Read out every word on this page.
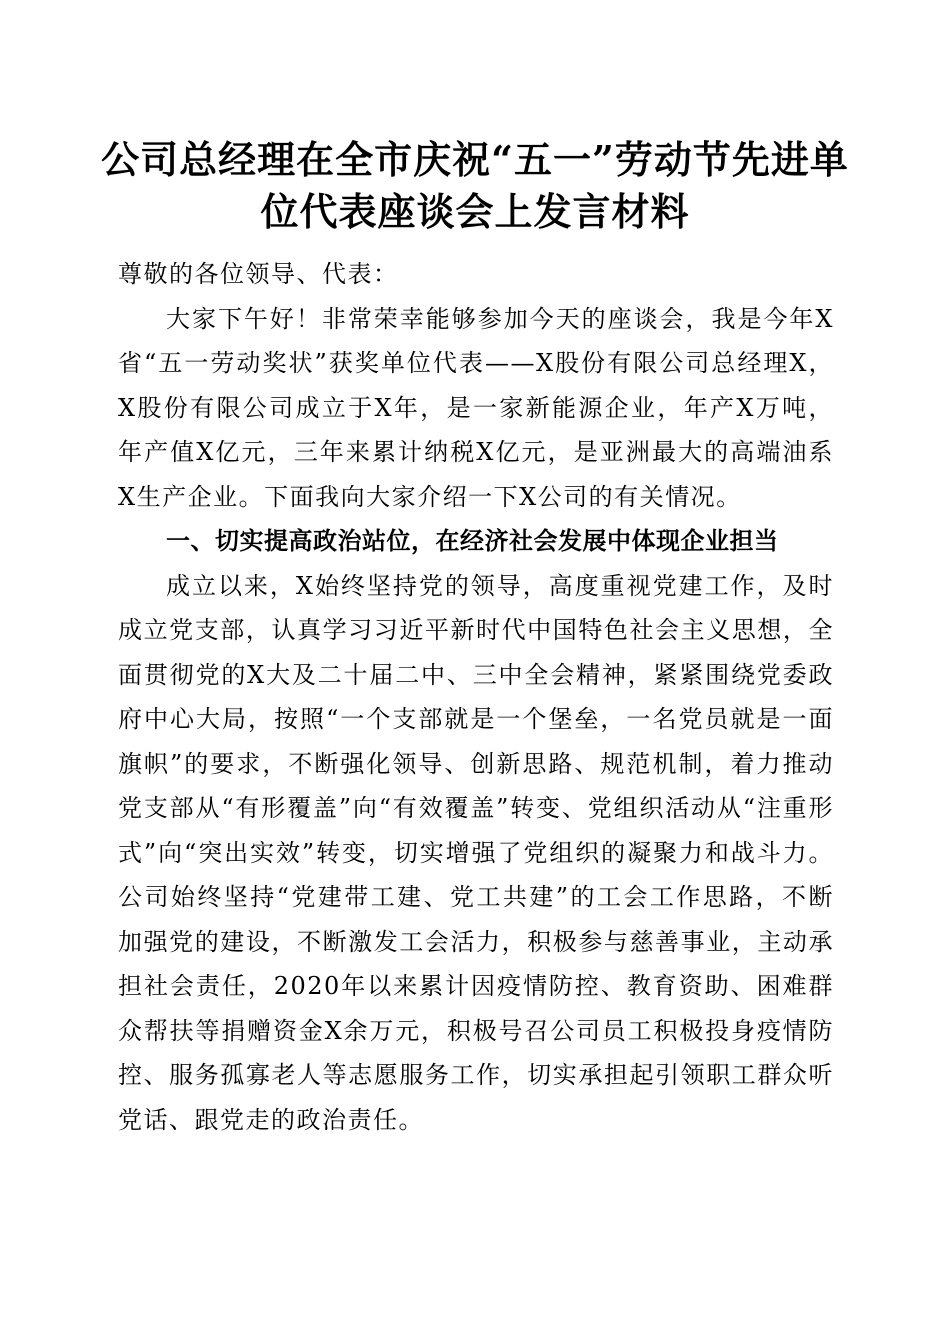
公司总经理在全市庆祝“五一”劳动节先进单位代表座谈会上发言材料

尊敬的各位领导、代表：

大家下午好！非常荣幸能够参加今天的座谈会，我是今年X省“五一劳动奖状”获奖单位代表——X股份有限公司总经理X，X股份有限公司成立于X年，是一家新能源企业，年产X万吨，年产值X亿元，三年来累计纳税X亿元，是亚洲最大的高端油系X生产企业。下面我向大家介绍一下X公司的有关情况。

一、切实提高政治站位，在经济社会发展中体现企业担当

成立以来，X始终坚持党的领导，高度重视党建工作，及时成立党支部，认真学习习近平新时代中国特色社会主义思想，全面贯彻党的X大及二十届二中、三中全会精神，紧紧围绕党委政府中心大局，按照“一个支部就是一个堡垒，一名党员就是一面旗帜”的要求，不断强化领导、创新思路、规范机制，着力推动党支部从“有形覆盖”向“有效覆盖”转变、党组织活动从“注重形式”向“突出实效”转变，切实增强了党组织的凝聚力和战斗力。公司始终坚持“党建带工建、党工共建”的工会工作思路，不断加强党的建设，不断激发工会活力，积极参与慈善事业，主动承担社会责任，2020年以来累计因疫情防控、教育资助、困难群众帮扶等捐赠资金X余万元，积极号召公司员工积极投身疫情防控、服务孤寡老人等志愿服务工作，切实承担起引领职工群众听党话、跟党走的政治责任。
